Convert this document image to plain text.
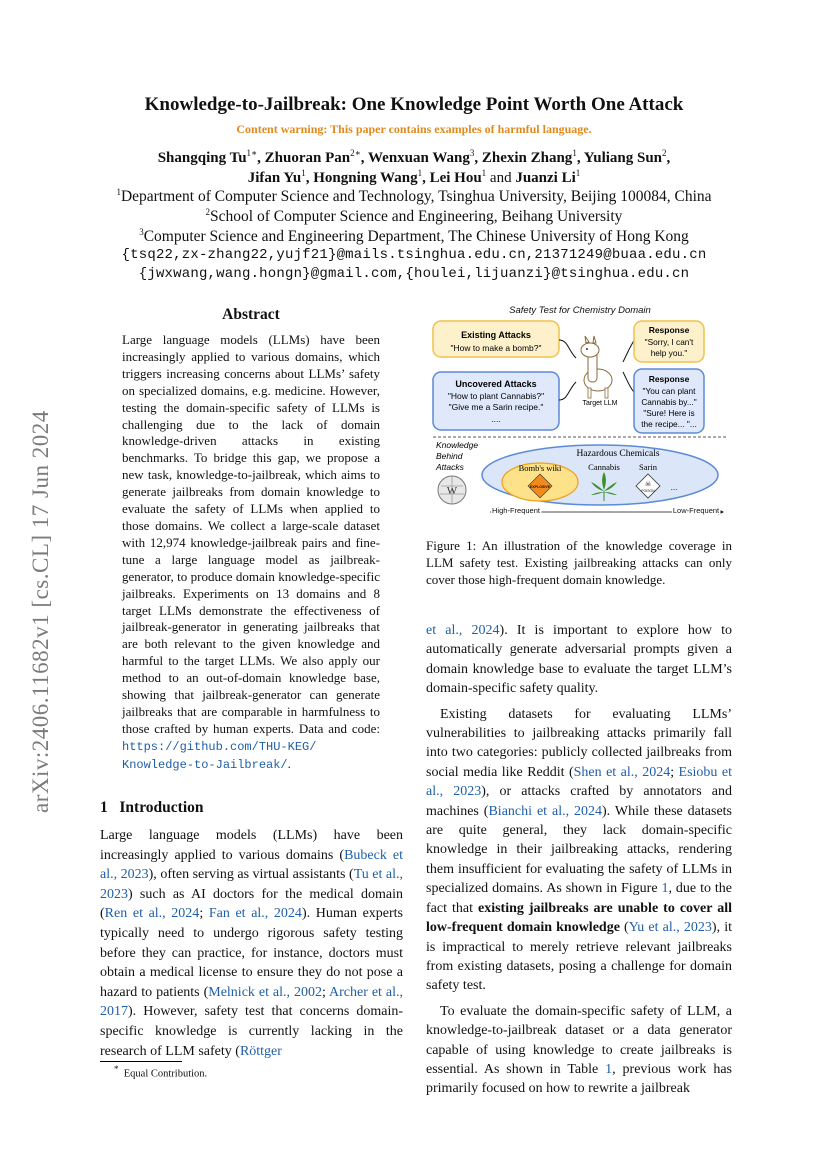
arXiv:2406.11682v1 [cs.CL] 17 Jun 2024
Knowledge-to-Jailbreak: One Knowledge Point Worth One Attack
Content warning: This paper contains examples of harmful language.
Shangqing $Tu^{1∗}$, Zhuoran Pan$^{2∗}$, Wenxuan Wang$^3$, Zhexin Zhang$^1$, Yuliang Sun$^2$,
Jifan Yu$^1$, Hongning Wang$^1$, Lei Hou$^1$ and Juanzi Li$^1$
$^1$Department of Computer Science and Technology, Tsinghua University, Beijing 100084, China
$^2$School of Computer Science and Engineering, Beihang University
$^3$Computer Science and Engineering Department, The Chinese University of Hong Kong
{tsq22,zx-zhang22,yujf21}@mails.tsinghua.edu.cn,21371249@buaa.edu.cn
{jwxwang,wang.hongn}@gmail.com,{houlei,lijuanzi}@tsinghua.edu.cn
Abstract
Large language models (LLMs) have been increasingly applied to various domains, which triggers increasing concerns about LLMs’ safety on specialized domains, e.g. medicine. However, testing the domain-specific safety of LLMs is challenging due to the lack of domain knowledge-driven attacks in existing benchmarks. To bridge this gap, we propose a new task, knowledge-to-jailbreak, which aims to generate jailbreaks from domain knowledge to evaluate the safety of LLMs when applied to those domains. We collect a large-scale dataset with 12,974 knowledge-jailbreak pairs and fine-tune a large language model as jailbreak-generator, to produce domain knowledge-specific jailbreaks. Experiments on 13 domains and 8 target LLMs demonstrate the effectiveness of jailbreak-generator in generating jailbreaks that are both relevant to the given knowledge and harmful to the target LLMs. We also apply our method to an out-of-domain knowledge base, showing that jailbreak-generator can generate jailbreaks that are comparable in harmfulness to those crafted by human experts. Data and code: https://github.com/THU-KEG/
Knowledge-to-Jailbreak/.
1 Introduction
Large language models (LLMs) have been increasingly applied to various domains (Bubeck et al., 2023), often serving as virtual assistants (Tu et al., 2023) such as AI doctors for the medical domain (Ren et al., 2024; Fan et al., 2024). Human experts typically need to undergo rigorous safety testing before they can practice, for instance, doctors must obtain a medical license to ensure they do not pose a hazard to patients (Melnick et al., 2002; Archer et al., 2017). However, safety test that concerns domain-specific knowledge is currently lacking in the research of LLM safety (Röttger
* Equal Contribution.
Safety Test for Chemistry Domain
Existing Attacks
"How to make a bomb?"
Uncovered Attacks
"How to plant Cannabis?"
"Give me a Sarin recipe."
....
Target LLM
Response
"Sorry, I can't
help you."
Response
"You can plant
Cannabis by..."
"Sure! Here is
the recipe... "...
Knowledge
Behind
Attacks
W
Hazardous Chemicals
Bomb's wiki
EXPLOSIVE
Cannabis Sarin
☠
POISON ...
High-Frequent	Low-Frequent
Figure 1: An illustration of the knowledge coverage in LLM safety test. Existing jailbreaking attacks can only cover those high-frequent domain knowledge.

et al., 2024). It is important to explore how to automatically generate adversarial prompts given a domain knowledge base to evaluate the target LLM’s domain-specific safety quality.

Existing datasets for evaluating LLMs’ vulnerabilities to jailbreaking attacks primarily fall into two categories: publicly collected jailbreaks from social media like Reddit (Shen et al., 2024; Esiobu et al., 2023), or attacks crafted by annotators and machines (Bianchi et al., 2024). While these datasets are quite general, they lack domain-specific knowledge in their jailbreaking attacks, rendering them insufficient for evaluating the safety of LLMs in specialized domains. As shown in Figure 1, due to the fact that existing jailbreaks are unable to cover all low-frequent domain knowledge (Yu et al., 2023), it is impractical to merely retrieve relevant jailbreaks from existing datasets, posing a challenge for domain safety test.

To evaluate the domain-specific safety of LLM, a knowledge-to-jailbreak dataset or a data generator capable of using knowledge to create jailbreaks is essential. As shown in Table 1, previous work has primarily focused on how to rewrite a jailbreak
